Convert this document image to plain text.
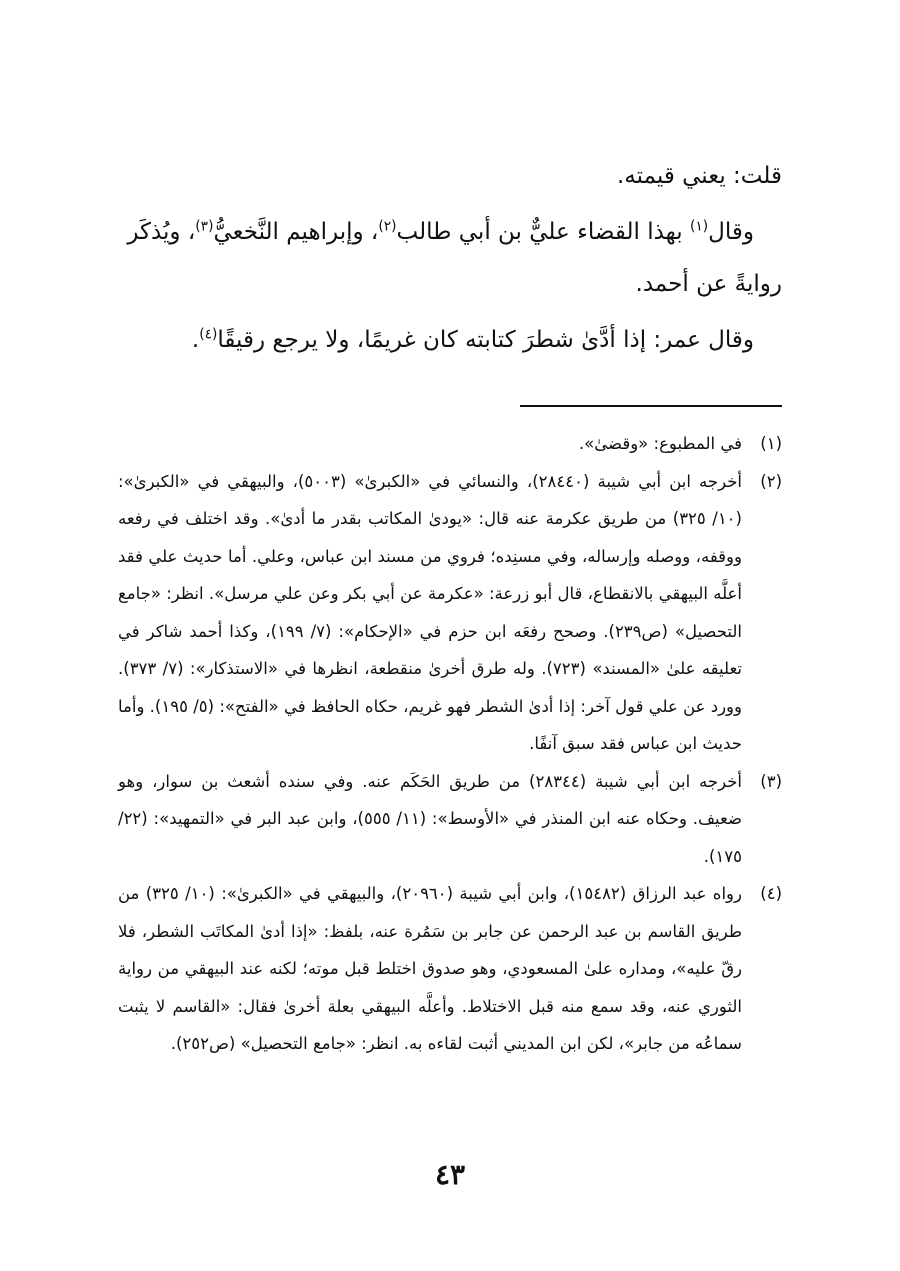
قلت: يعني قيمته.

وقال$^{(١)}$ بهذا القضاء عليٌّ بن أبي طالب$^{(٢)}$، وإبراهيم النَّخعيُّ$^{(٣)}$، ويُذكَر روايةً عن أحمد.

وقال عمر: إذا أدَّىٰ شطرَ كتابته كان غريمًا، ولا يرجع رقيقًا$^{(٤)}$.

(١)
في المطبوع: «وقضىٰ».
(٢)
أخرجه ابن أبي شيبة (٢٨٤٤٠)، والنسائي في «الكبرىٰ» (٥٠٠٣)، والبيهقي في «الكبرىٰ»: (١٠/ ٣٢٥) من طريق عكرمة عنه قال: «يودىٰ المكاتب بقدر ما أدىٰ». وقد اختلف في رفعه ووقفه، ووصله وإرساله، وفي مسنِده؛ فروي من مسند ابن عباس، وعلي. أما حديث علي فقد أعلَّه البيهقي بالانقطاع، قال أبو زرعة: «عكرمة عن أبي بكر وعن علي مرسل». انظر: «جامع التحصيل» (ص٢٣٩). وصحح رفعَه ابن حزم في «الإحكام»: (٧/ ١٩٩)، وكذا أحمد شاكر في تعليقه علىٰ «المسند» (٧٢٣). وله طرق أخرىٰ منقطعة، انظرها في «الاستذكار»: (٧/ ٣٧٣). وورد عن علي قول آخر: إذا أدىٰ الشطر فهو غريم، حكاه الحافظ في «الفتح»: (٥/ ١٩٥). وأما حديث ابن عباس فقد سبق آنفًا.
(٣)
أخرجه ابن أبي شيبة (٢٨٣٤٤) من طريق الحَكَم عنه. وفي سنده أشعث بن سوار، وهو ضعيف. وحكاه عنه ابن المنذر في «الأوسط»: (١١/ ٥٥٥)، وابن عبد البر في «التمهيد»: (٢٢/ ١٧٥).
(٤)
رواه عبد الرزاق (١٥٤٨٢)، وابن أبي شيبة (٢٠٩٦٠)، والبيهقي في «الكبرىٰ»: (١٠/ ٣٢٥) من طريق القاسم بن عبد الرحمن عن جابر بن سَمُرة عنه، بلفظ: «إذا أدىٰ المكاتَب الشطر، فلا رقّ عليه»، ومداره علىٰ المسعودي، وهو صدوق اختلط قبل موته؛ لكنه عند البيهقي من رواية الثوري عنه، وقد سمع منه قبل الاختلاط. وأعلَّه البيهقي بعلة أخرىٰ فقال: «القاسم لا يثبت سماعُه من جابر»، لكن ابن المديني أثبت لقاءه به. انظر: «جامع التحصيل» (ص٢٥٢).
٤٣
